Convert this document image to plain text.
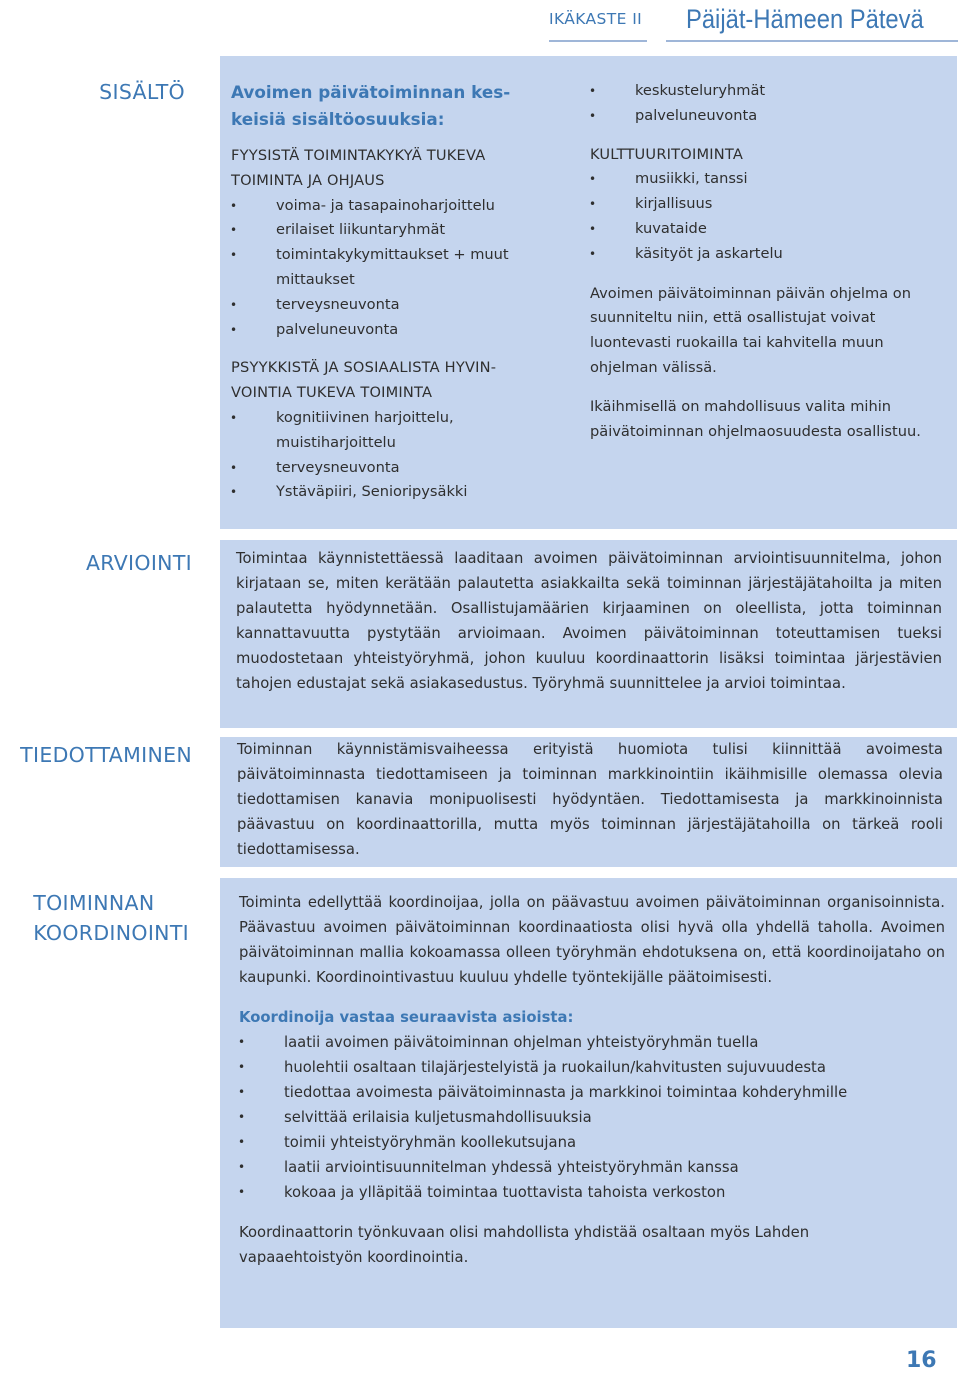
IKÄKASTE II Päijät-Hämeen Pätevä
SISÄLTÖ
ARVIOINTI
TIEDOTTAMINEN
TOIMINNAN
KOORDINOINTI
Avoimen päivätoiminnan kes-
keisiä sisältöosuuksia:
FYYSISTÄ TOIMINTAKYKYÄ TUKEVA
TOIMINTA JA OHJAUS
• voima- ja tasapainoharjoittelu
• erilaiset liikuntaryhmät
• toimintakykymittaukset + muut mittaukset
• terveysneuvonta
• palveluneuvonta
PSYYKKISTÄ JA SOSIAALISTA HYVIN-
VOINTIA TUKEVA TOIMINTA
• kognitiivinen harjoittelu, muistiharjoittelu
• terveysneuvonta
• Ystäväpiiri, Senioripysäkki
• keskusteluryhmät
• palveluneuvonta
KULTTUURITOIMINTA
• musiikki, tanssi
• kirjallisuus
• kuvataide
• käsityöt ja askartelu

Avoimen päivätoiminnan päivän ohjelma on suunniteltu niin, että osallistujat voivat luontevasti ruokailla tai kahvitella muun ohjelman välissä.

Ikäihmisellä on mahdollisuus valita mihin päivätoiminnan ohjelmaosuudesta osallistuu.

Toimintaa käynnistettäessä laaditaan avoimen päivätoiminnan arviointisuunnitelma, johon kirjataan se, miten kerätään palautetta asiakkailta sekä toiminnan järjestäjätahoilta ja miten palautetta hyödynnetään. Osallistujamäärien kirjaaminen on oleellista, jotta toiminnan kannattavuutta pystytään arvioimaan. Avoimen päivätoiminnan toteuttamisen tueksi muodostetaan yhteistyöryhmä, johon kuuluu koordinaattorin lisäksi toimintaa järjestävien tahojen edustajat sekä asiakasedustus. Työryhmä suunnittelee ja arvioi toimintaa.
Toiminnan käynnistämisvaiheessa erityistä huomiota tulisi kiinnittää avoimesta päivätoiminnasta tiedottamiseen ja toiminnan markkinointiin ikäihmisille olemassa olevia tiedottamisen kanavia monipuolisesti hyödyntäen. Tiedottamisesta ja markkinoinnista päävastuu on koordinaattorilla, mutta myös toiminnan järjestäjätahoilla on tärkeä rooli tiedottamisessa.
Toiminta edellyttää koordinoijaa, jolla on päävastuu avoimen päivätoiminnan organisoinnista. Päävastuu avoimen päivätoiminnan koordinaatiosta olisi hyvä olla yhdellä taholla. Avoimen päivätoiminnan mallia kokoamassa olleen työryhmän ehdotuksena on, että koordinoijataho on kaupunki. Koordinointivastuu kuuluu yhdelle työntekijälle päätoimisesti.
Koordinoija vastaa seuraavista asioista:
• laatii avoimen päivätoiminnan ohjelman yhteistyöryhmän tuella
• huolehtii osaltaan tilajärjestelyistä ja ruokailun/kahvitusten sujuvuudesta
• tiedottaa avoimesta päivätoiminnasta ja markkinoi toimintaa kohderyhmille
• selvittää erilaisia kuljetusmahdollisuuksia
• toimii yhteistyöryhmän koollekutsujana
• laatii arviointisuunnitelman yhdessä yhteistyöryhmän kanssa
• kokoaa ja ylläpitää toimintaa tuottavista tahoista verkoston
Koordinaattorin työnkuvaan olisi mahdollista yhdistää osaltaan myös Lahden vapaaehtoistyön koordinointia.
16
